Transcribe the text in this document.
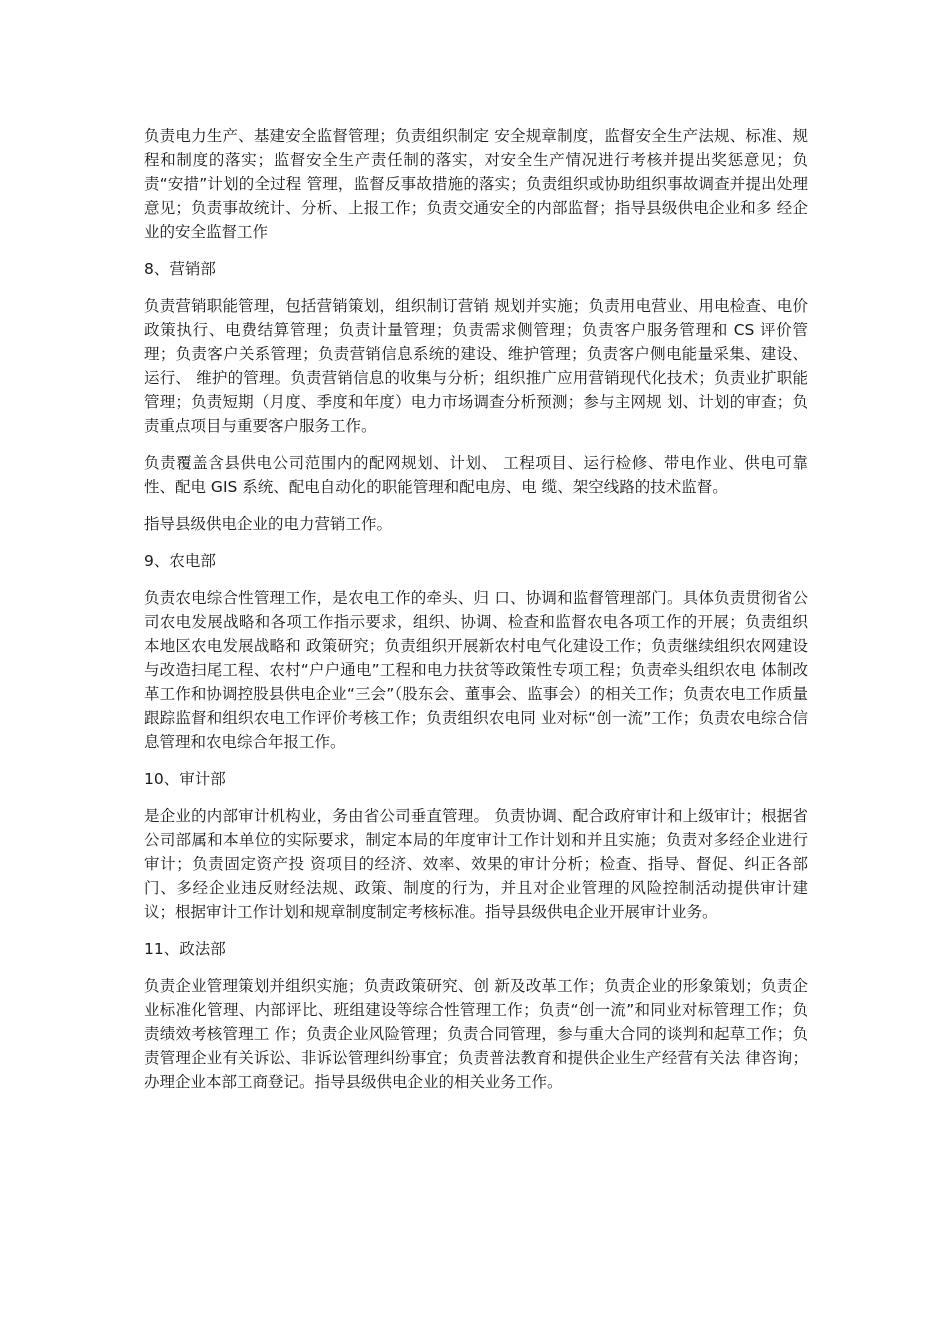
负责电力生产、基建安全监督管理；负责组织制定 安全规章制度，监督安全生产法规、标准、规程和制度的落实；监督安全生产责任制的落实，对安全生产情况进行考核并提出奖惩意见；负责“安措”计划的全过程 管理，监督反事故措施的落实；负责组织或协助组织事故调查并提出处理意见；负责事故统计、分析、上报工作；负责交通安全的内部监督；指导县级供电企业和多 经企业的安全监督工作

8、营销部

负责营销职能管理，包括营销策划，组织制订营销 规划并实施；负责用电营业、用电检查、电价政策执行、电费结算管理；负责计量管理；负责需求侧管理；负责客户服务管理和 CS 评价管理；负责客户关系管理；负责营销信息系统的建设、维护管理；负责客户侧电能量采集、建设、运行、 维护的管理。负责营销信息的收集与分析；组织推广应用营销现代化技术；负责业扩职能管理；负责短期（月度、季度和年度）电力市场调查分析预测；参与主网规 划、计划的审查；负责重点项目与重要客户服务工作。

负责覆盖含县供电公司范围内的配网规划、计划、 工程项目、运行检修、带电作业、供电可靠性、配电 GIS 系统、配电自动化的职能管理和配电房、电 缆、架空线路的技术监督。

指导县级供电企业的电力营销工作。

9、农电部

负责农电综合性管理工作，是农电工作的牵头、归 口、协调和监督管理部门。具体负责贯彻省公司农电发展战略和各项工作指示要求，组织、协调、检查和监督农电各项工作的开展；负责组织本地区农电发展战略和 政策研究；负责组织开展新农村电气化建设工作；负责继续组织农网建设与改造扫尾工程、农村“户户通电”工程和电力扶贫等政策性专项工程；负责牵头组织农电 体制改革工作和协调控股县供电企业“三会”（股东会、董事会、监事会）的相关工作；负责农电工作质量跟踪监督和组织农电工作评价考核工作；负责组织农电同 业对标“创一流”工作；负责农电综合信息管理和农电综合年报工作。

10、审计部

是企业的内部审计机构业，务由省公司垂直管理。 负责协调、配合政府审计和上级审计；根据省公司部属和本单位的实际要求，制定本局的年度审计工作计划和并且实施；负责对多经企业进行审计；负责固定资产投 资项目的经济、效率、效果的审计分析；检查、指导、督促、纠正各部门、多经企业违反财经法规、政策、制度的行为，并且对企业管理的风险控制活动提供审计建 议；根据审计工作计划和规章制度制定考核标准。指导县级供电企业开展审计业务。

11、政法部

负责企业管理策划并组织实施；负责政策研究、创 新及改革工作；负责企业的形象策划；负责企业标准化管理、内部评比、班组建设等综合性管理工作；负责“创一流”和同业对标管理工作；负责绩效考核管理工 作；负责企业风险管理；负责合同管理，参与重大合同的谈判和起草工作；负责管理企业有关诉讼、非诉讼管理纠纷事宜；负责普法教育和提供企业生产经营有关法 律咨询；办理企业本部工商登记。指导县级供电企业的相关业务工作。
